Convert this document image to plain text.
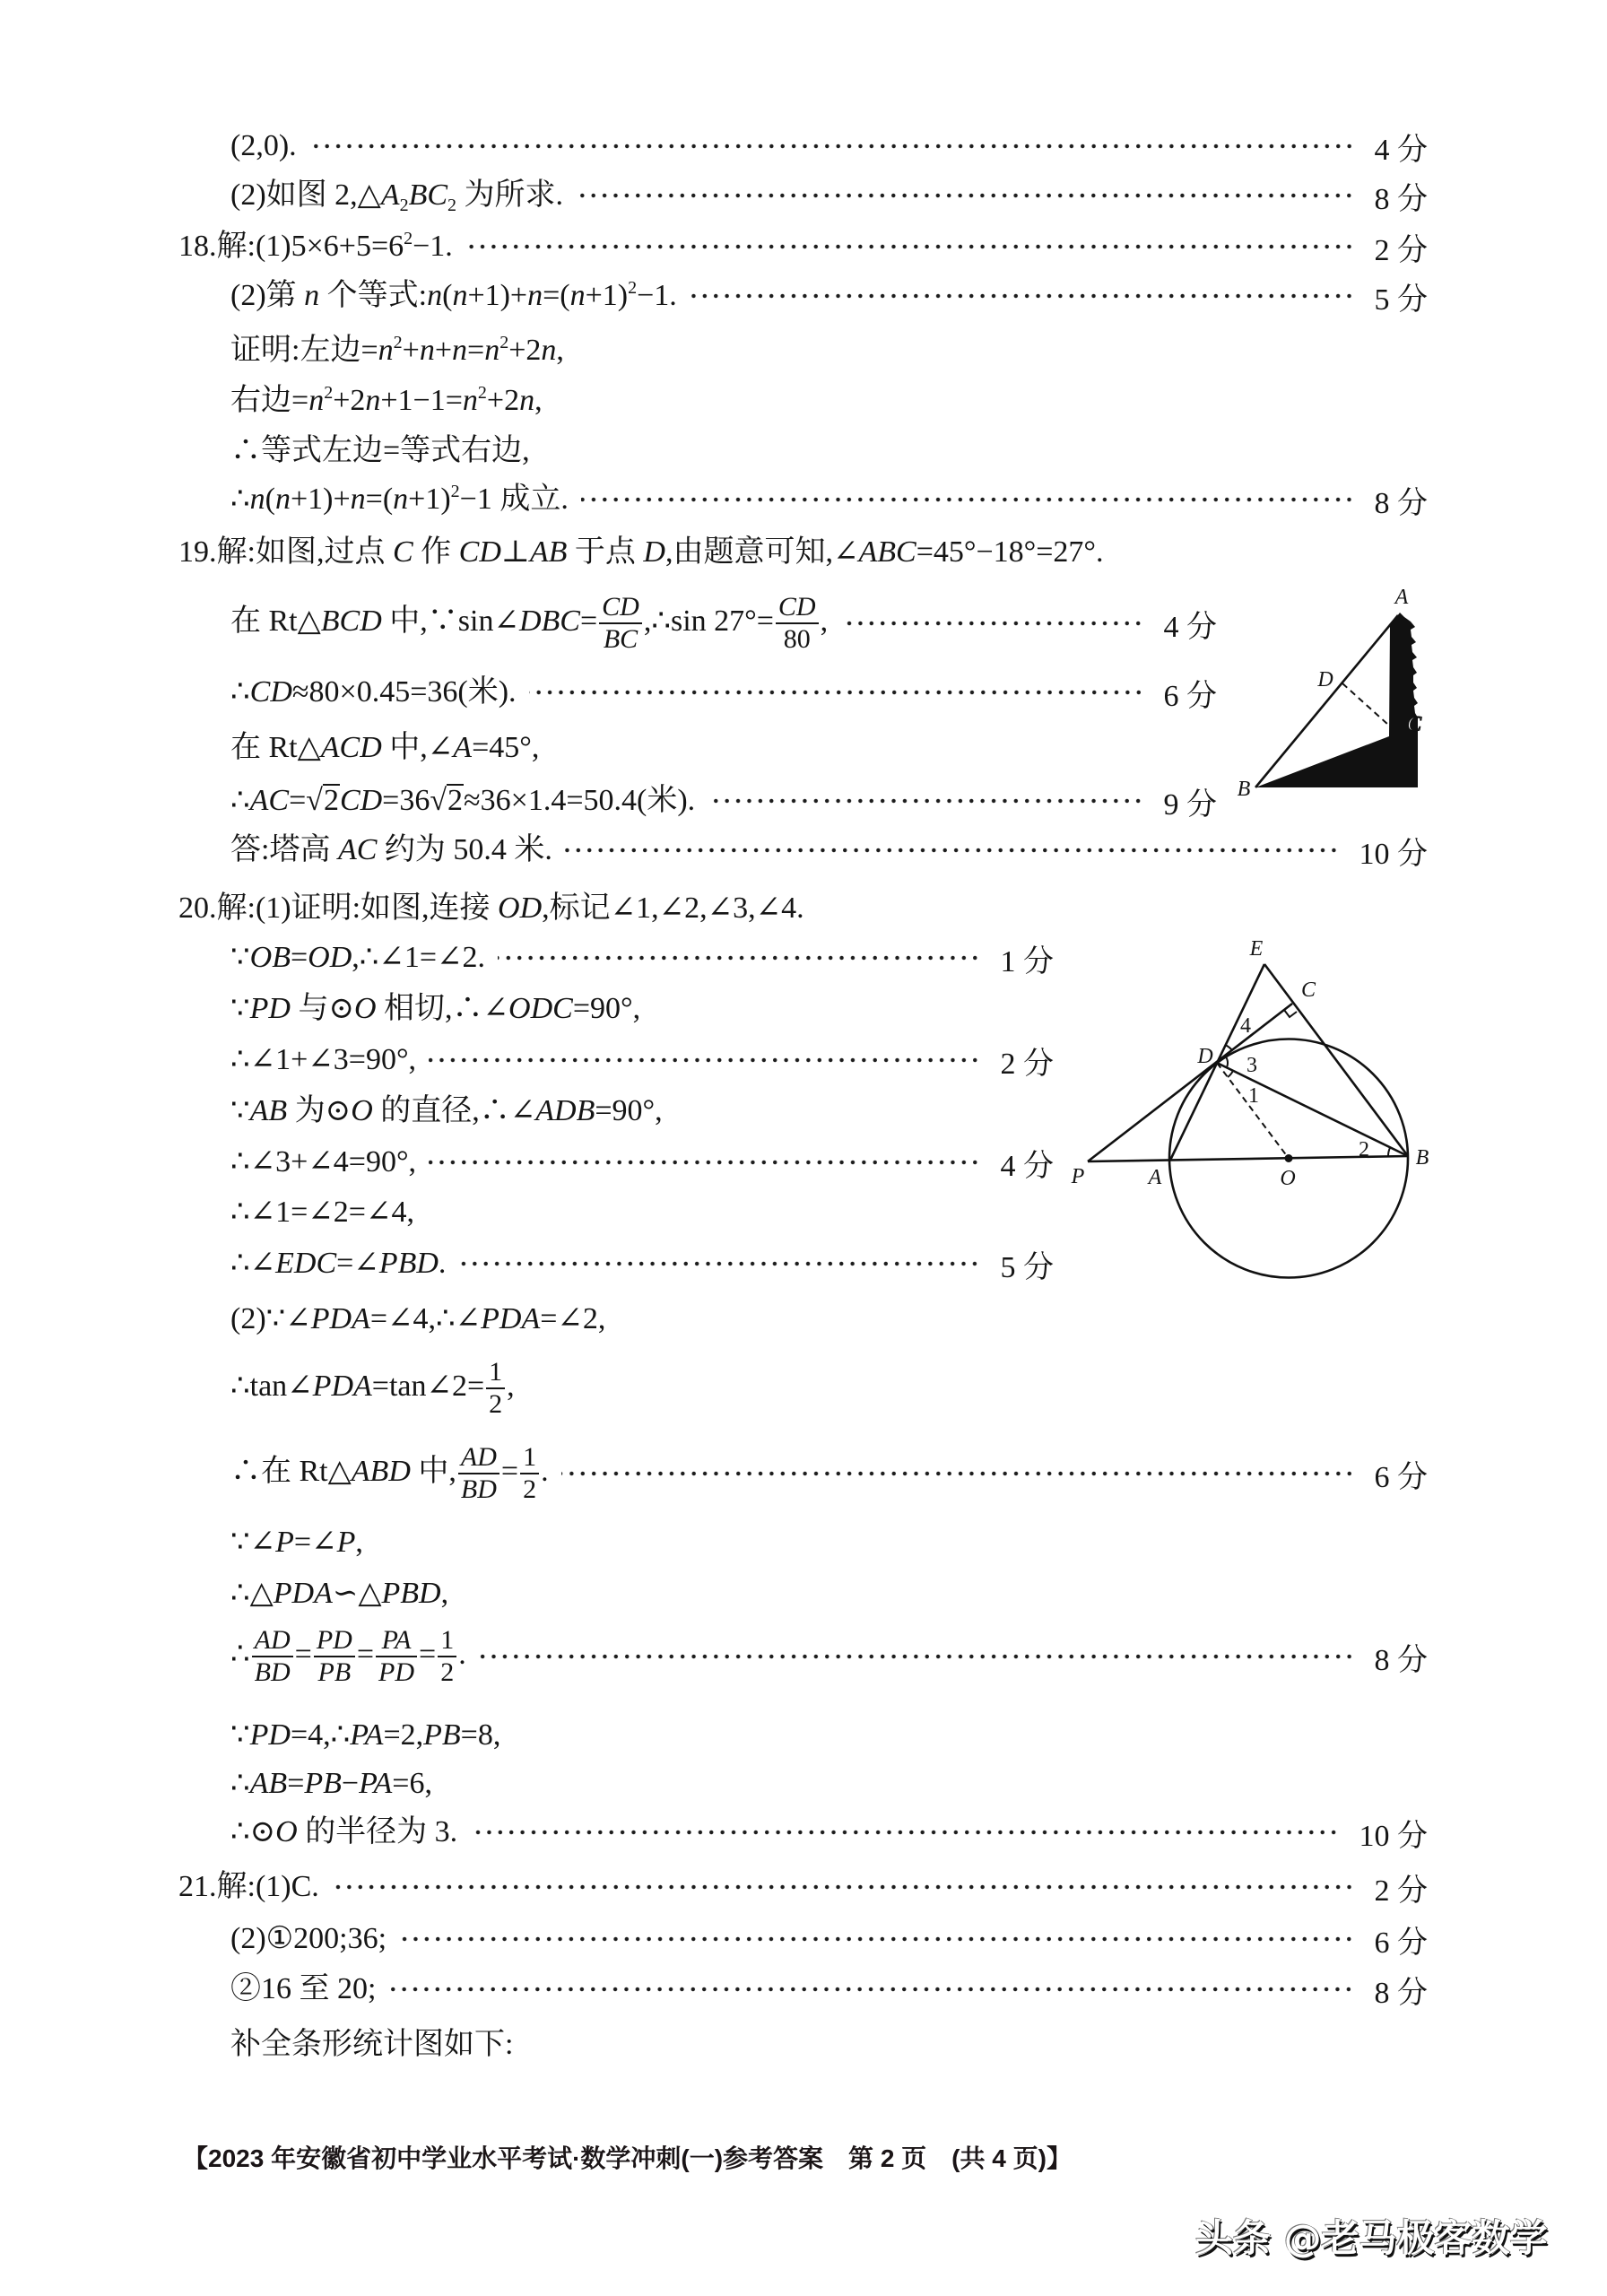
(2,0).	4 分
(2)如图 $2,\triangle A_2BC_2$ 为所求.	8 分
18.解$:(1)5\times 6+5=6^2-1$.	2 分
(2)第 n 个等式$:n(n+1)+n=(n+1)^2-1$.	5 分
证明:左边$=n^2+n+n=n^2+2n$,
右边$=n^2+2n+1-1=n^2+2n$,
∴等式左边=等式右边,
$\therefore n(n+1)+n=(n+1)^2-1$ 成立.	8 分
19.解:如图,过点 C 作 CD⊥AB 于点 D,由题意可知,∠ABC=45°−18°=27°.
在 Rt△BCD 中,∵sin∠DBC= $\frac{CD}{BC}$ ,∴sin $27^\circ= \frac{CD}{80}$ ,	4 分
∴CD≈80×0.45=36(米).	6 分
在 Rt△ACD 中,∠A=45°,
∴AC=√2CD=36√2≈36×1.4=50.4(米).	9 分
答:塔高 AC 约为 50.4 米.	10 分
A
D
C
B
20.解:(1)证明:如图,连接 OD,标记∠1,∠2,∠3,∠4.
∵OB=OD,∴∠1=∠2.	1 分
∵PD 与⊙O 相切,∴∠ODC=90°,
∴∠1+∠3=90°,	2 分
∵AB 为⊙O 的直径,∴∠ADB=90°,
∴∠3+∠4=90°,	4 分
∴∠1=∠2=∠4,
∴∠EDC=∠PBD.	5 分
(2)∵∠PDA=∠4,∴∠PDA=∠2,
∴tan∠PDA=tan∠2= $\frac{1}{2}$ ,
∴在 Rt△ABD 中, $\frac{AD}{BD} = \frac{1}{2}$ .	6 分
∵∠P=∠P,
∴△PDA∽△PBD,
∴ $\frac{AD}{BD} = \frac{PD}{PB} = \frac{PA}{PD} = \frac{1}{2}$ .	8 分
∵PD=4,∴PA=2,PB=8,
∴AB=PB−PA=6,
∴⊙O 的半径为 3.	10 分
E
C
D
4
3
1
2
P	A	O
B
21.解:(1)C.	2 分
(2)①200;36;	6 分
②16 至 20;	8 分
补全条形统计图如下:
【2023 年安徽省初中学业水平考试·数学冲刺(一)参考答案　第 2 页　(共 4 页)】
头条 @老马极客数学
